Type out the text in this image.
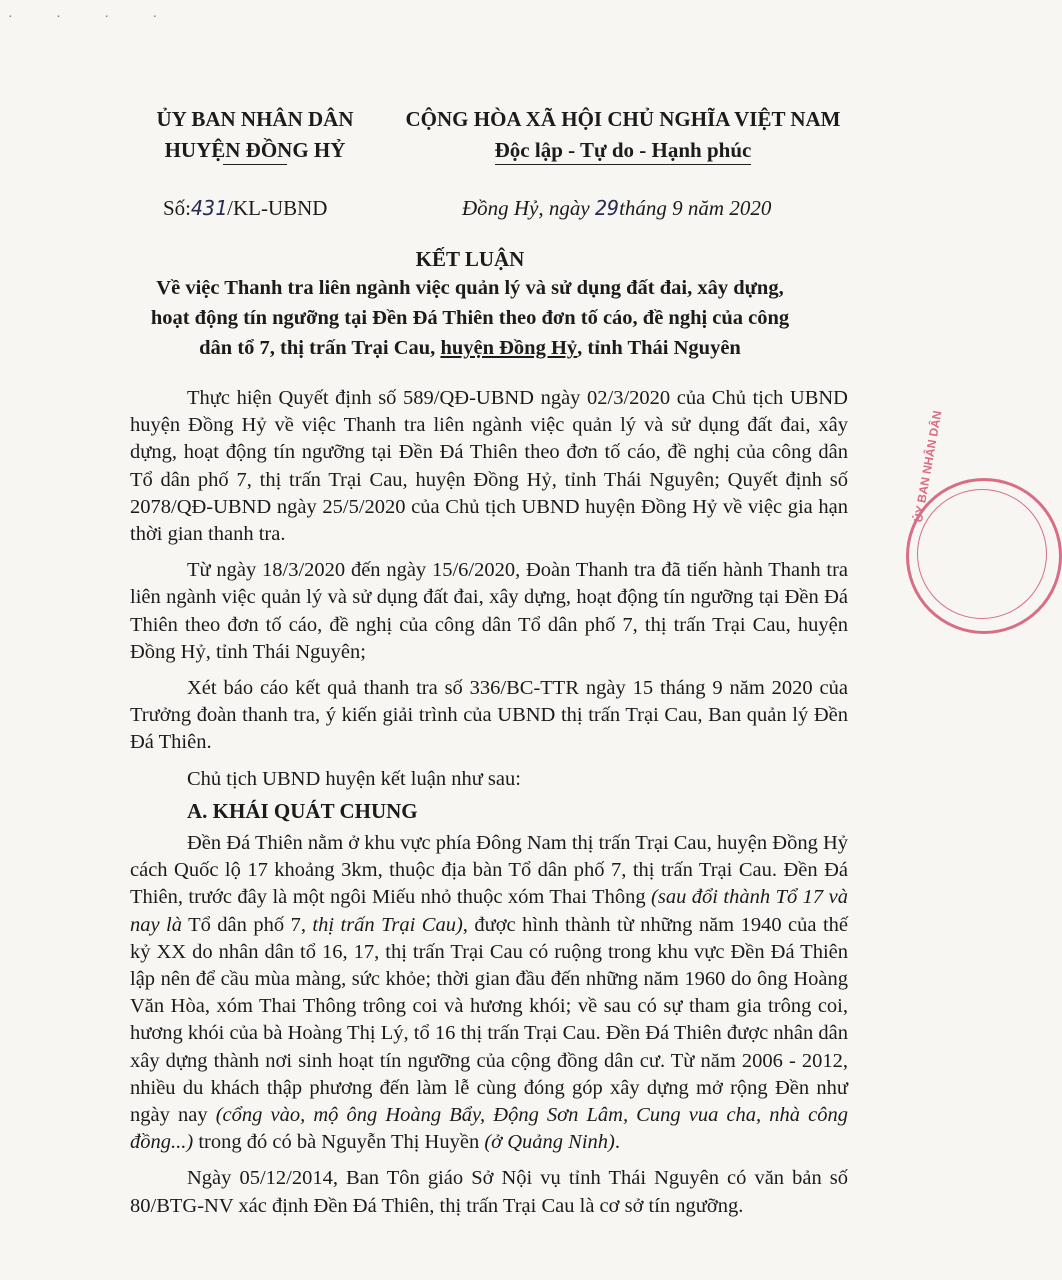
· · · ·
ỦY BAN NHÂN DÂN
HUYỆN ĐỒNG HỶ
CỘNG HÒA XÃ HỘI CHỦ NGHĨA VIỆT NAM
Độc lập - Tự do - Hạnh phúc
Số:431/KL-UBND	Đồng Hỷ, ngày 29tháng 9 năm 2020
KẾT LUẬN
Về việc Thanh tra liên ngành việc quản lý và sử dụng đất đai, xây dựng,
hoạt động tín ngưỡng tại Đền Đá Thiên theo đơn tố cáo, đề nghị của công
dân tổ 7, thị trấn Trại Cau, huyện Đồng Hỷ, tỉnh Thái Nguyên

Thực hiện Quyết định số 589/QĐ-UBND ngày 02/3/2020 của Chủ tịch UBND huyện Đồng Hỷ về việc Thanh tra liên ngành việc quản lý và sử dụng đất đai, xây dựng, hoạt động tín ngưỡng tại Đền Đá Thiên theo đơn tố cáo, đề nghị của công dân Tổ dân phố 7, thị trấn Trại Cau, huyện Đồng Hỷ, tỉnh Thái Nguyên; Quyết định số 2078/QĐ-UBND ngày 25/5/2020 của Chủ tịch UBND huyện Đồng Hỷ về việc gia hạn thời gian thanh tra.

Từ ngày 18/3/2020 đến ngày 15/6/2020, Đoàn Thanh tra đã tiến hành Thanh tra liên ngành việc quản lý và sử dụng đất đai, xây dựng, hoạt động tín ngưỡng tại Đền Đá Thiên theo đơn tố cáo, đề nghị của công dân Tổ dân phố 7, thị trấn Trại Cau, huyện Đồng Hỷ, tỉnh Thái Nguyên;

Xét báo cáo kết quả thanh tra số 336/BC-TTR ngày 15 tháng 9 năm 2020 của Trưởng đoàn thanh tra, ý kiến giải trình của UBND thị trấn Trại Cau, Ban quản lý Đền Đá Thiên.

Chủ tịch UBND huyện kết luận như sau:

A. KHÁI QUÁT CHUNG

Đền Đá Thiên nằm ở khu vực phía Đông Nam thị trấn Trại Cau, huyện Đồng Hỷ cách Quốc lộ 17 khoảng 3km, thuộc địa bàn Tổ dân phố 7, thị trấn Trại Cau. Đền Đá Thiên, trước đây là một ngôi Miếu nhỏ thuộc xóm Thai Thông (sau đổi thành Tổ 17 và nay là Tổ dân phố 7, thị trấn Trại Cau), được hình thành từ những năm 1940 của thế kỷ XX do nhân dân tổ 16, 17, thị trấn Trại Cau có ruộng trong khu vực Đền Đá Thiên lập nên để cầu mùa màng, sức khỏe; thời gian đầu đến những năm 1960 do ông Hoàng Văn Hòa, xóm Thai Thông trông coi và hương khói; về sau có sự tham gia trông coi, hương khói của bà Hoàng Thị Lý, tổ 16 thị trấn Trại Cau. Đền Đá Thiên được nhân dân xây dựng thành nơi sinh hoạt tín ngưỡng của cộng đồng dân cư. Từ năm 2006 - 2012, nhiều du khách thập phương đến làm lễ cùng đóng góp xây dựng mở rộng Đền như ngày nay (cổng vào, mộ ông Hoàng Bẩy, Động Sơn Lâm, Cung vua cha, nhà công đồng...) trong đó có bà Nguyễn Thị Huyền (ở Quảng Ninh).

Ngày 05/12/2014, Ban Tôn giáo Sở Nội vụ tỉnh Thái Nguyên có văn bản số 80/BTG-NV xác định Đền Đá Thiên, thị trấn Trại Cau là cơ sở tín ngưỡng.

ỦY BAN NHÂN DÂN
